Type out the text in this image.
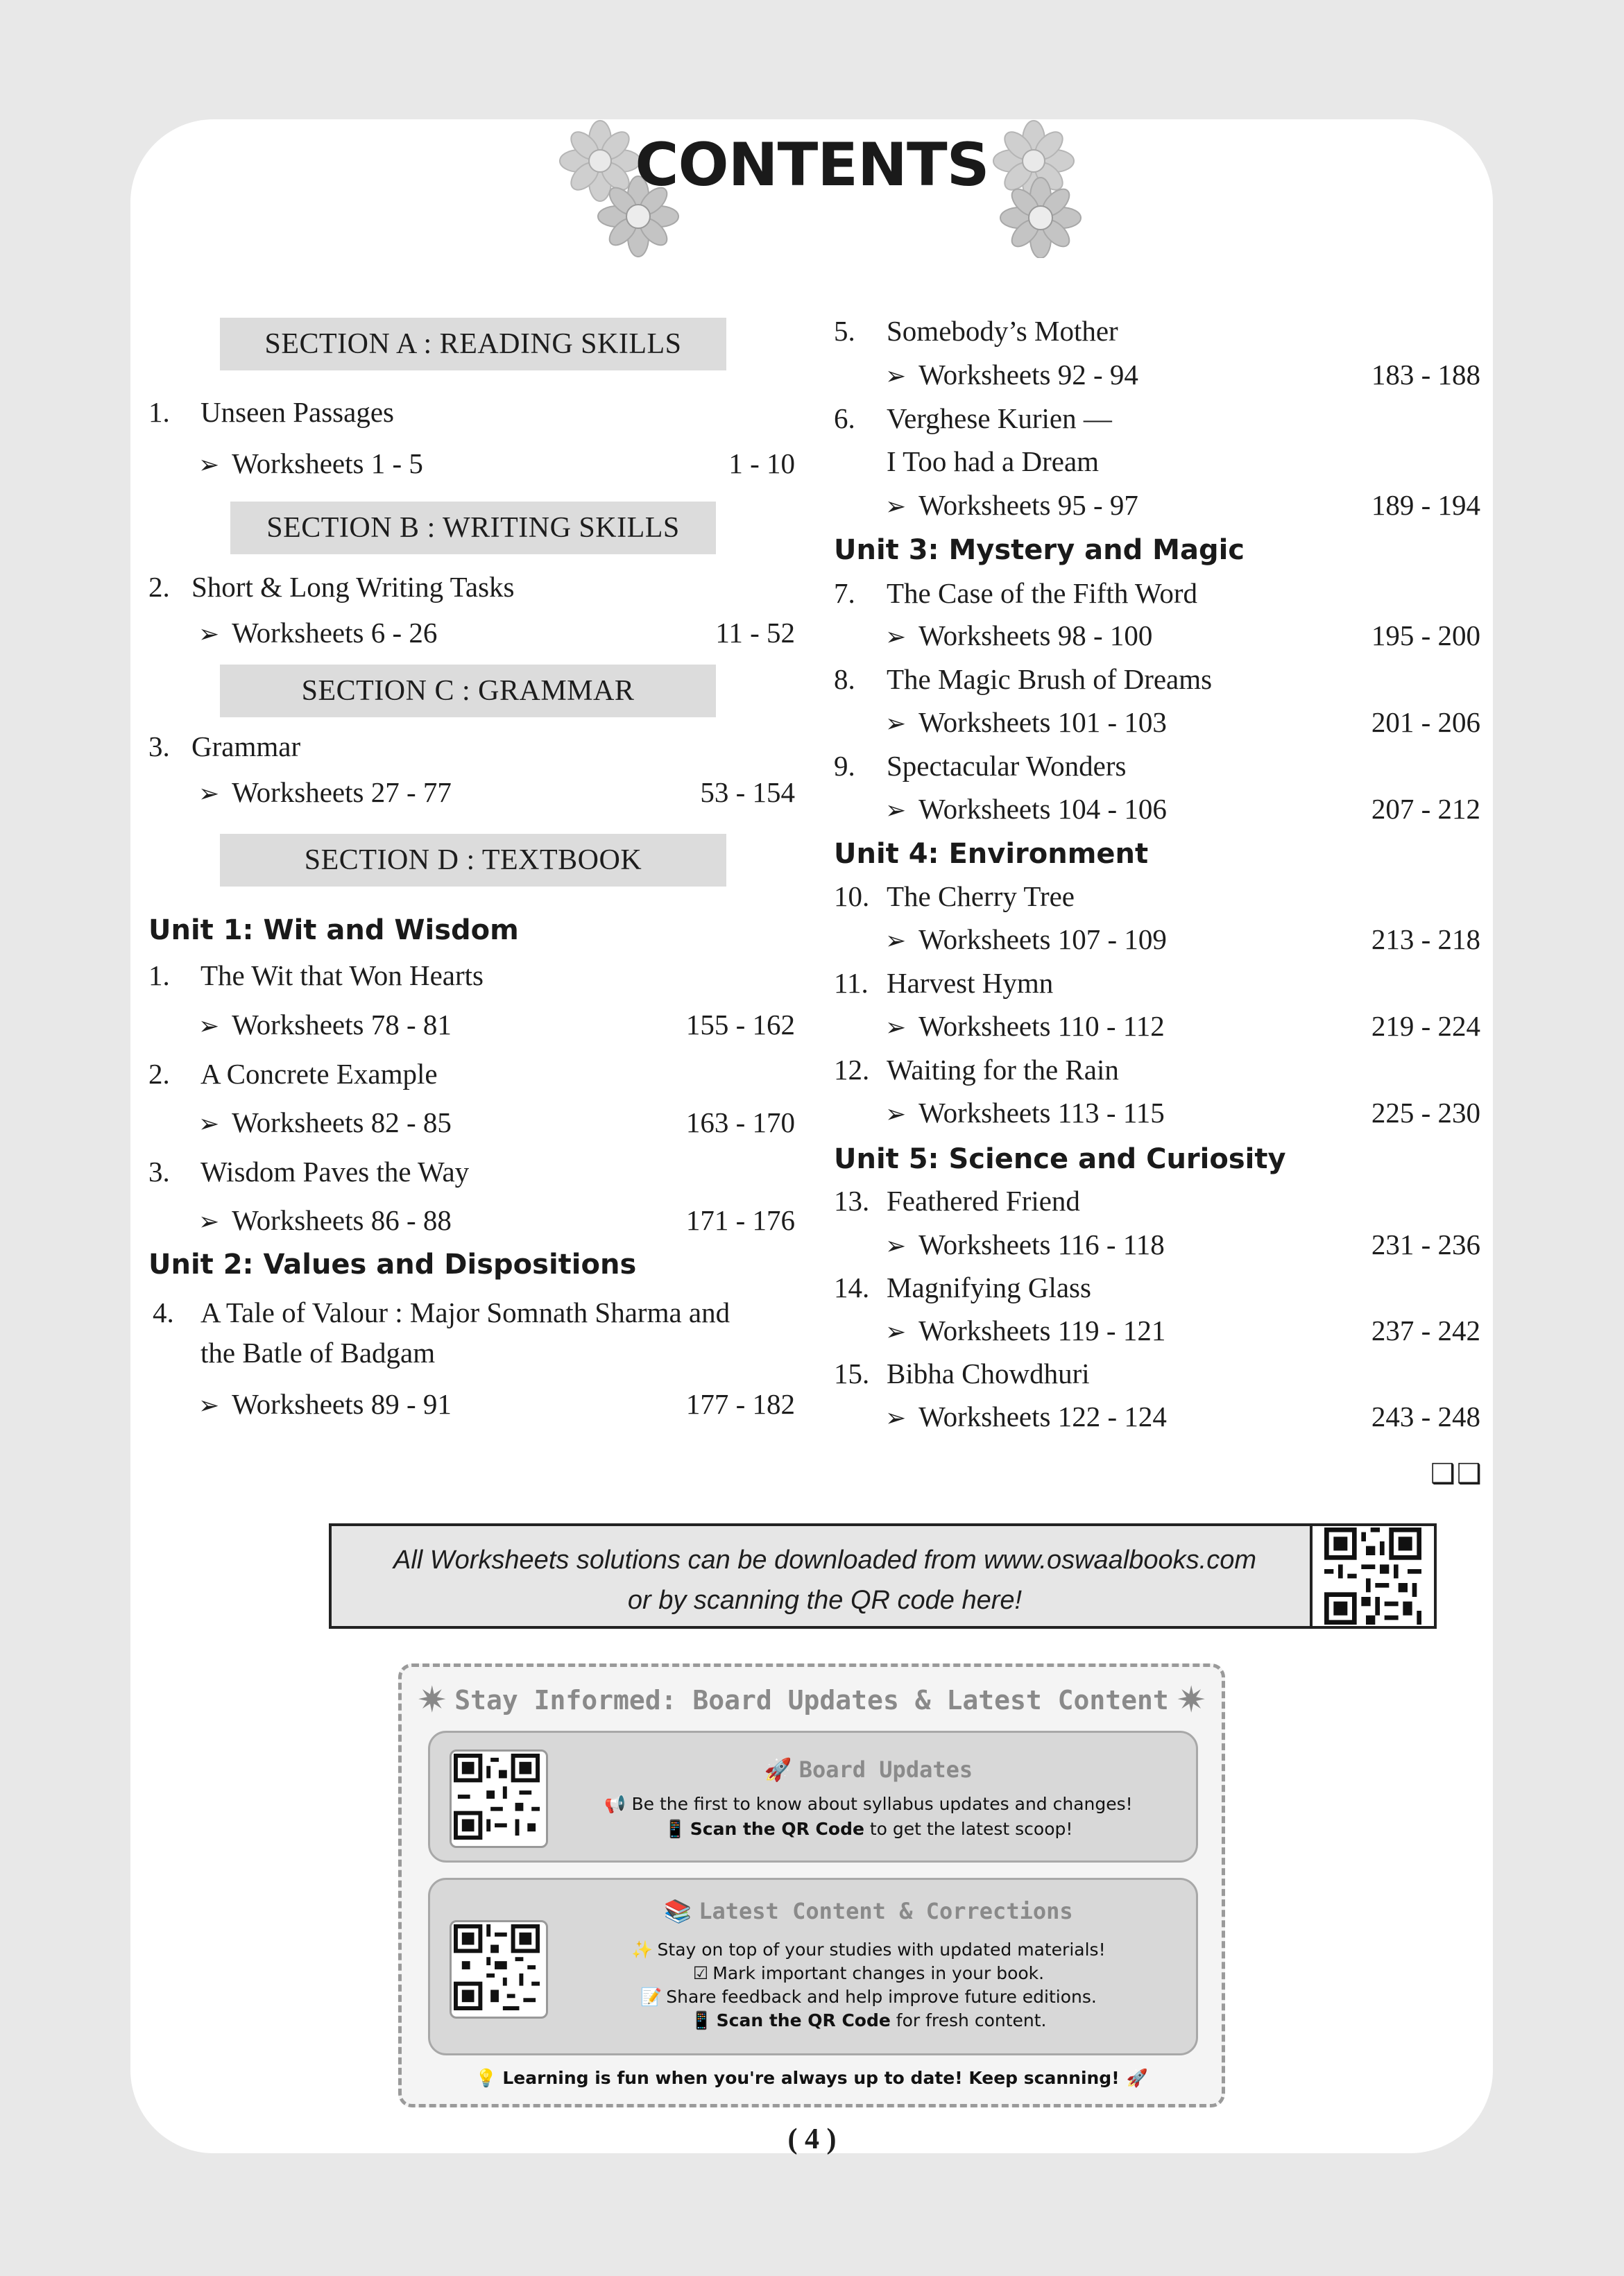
CONTENTS
SECTION A : READING SKILLS
1. Unseen Passages
➢ Worksheets 1 - 5	1 - 10
SECTION B : WRITING SKILLS
2. Short & Long Writing Tasks
➢ Worksheets 6 - 26	11 - 52
SECTION C : GRAMMAR
3. Grammar
➢ Worksheets 27 - 77	53 - 154
SECTION D : TEXTBOOK
Unit 1: Wit and Wisdom
1. The Wit that Won Hearts
➢ Worksheets 78 - 81	155 - 162
2. A Concrete Example
➢ Worksheets 82 - 85	163 - 170
3. Wisdom Paves the Way
➢ Worksheets 86 - 88	171 - 176
Unit 2: Values and Dispositions
4. A Tale of Valour : Major Somnath Sharma and
the Batle of Badgam
➢ Worksheets 89 - 91	177 - 182
5. Somebody’s Mother
➢ Worksheets 92 - 94	183 - 188
6. Verghese Kurien —
I Too had a Dream
➢ Worksheets 95 - 97	189 - 194
Unit 3: Mystery and Magic
7. The Case of the Fifth Word
➢ Worksheets 98 - 100	195 - 200
8. The Magic Brush of Dreams
➢ Worksheets 101 - 103	201 - 206
9. Spectacular Wonders
➢ Worksheets 104 - 106	207 - 212
Unit 4: Environment
10. The Cherry Tree
➢ Worksheets 107 - 109	213 - 218
11. Harvest Hymn
➢ Worksheets 110 - 112	219 - 224
12. Waiting for the Rain
➢ Worksheets 113 - 115	225 - 230
Unit 5: Science and Curiosity
13. Feathered Friend
➢ Worksheets 116 - 118	231 - 236
14. Magnifying Glass
➢ Worksheets 119 - 121	237 - 242
15. Bibha Chowdhuri
➢ Worksheets 122 - 124	243 - 248
❑❑
All Worksheets solutions can be downloaded from www.oswaalbooks.com
or by scanning the QR code here!
✷	✷
Stay Informed: Board Updates & Latest Content
🚀 Board Updates
📢 Be the first to know about syllabus updates and changes!
📱 Scan the QR Code to get the latest scoop!
📚 Latest Content & Corrections
✨ Stay on top of your studies with updated materials!
☑ Mark important changes in your book.
📝 Share feedback and help improve future editions.
📱 Scan the QR Code for fresh content.
💡 Learning is fun when you're always up to date! Keep scanning! 🚀
( 4 )
